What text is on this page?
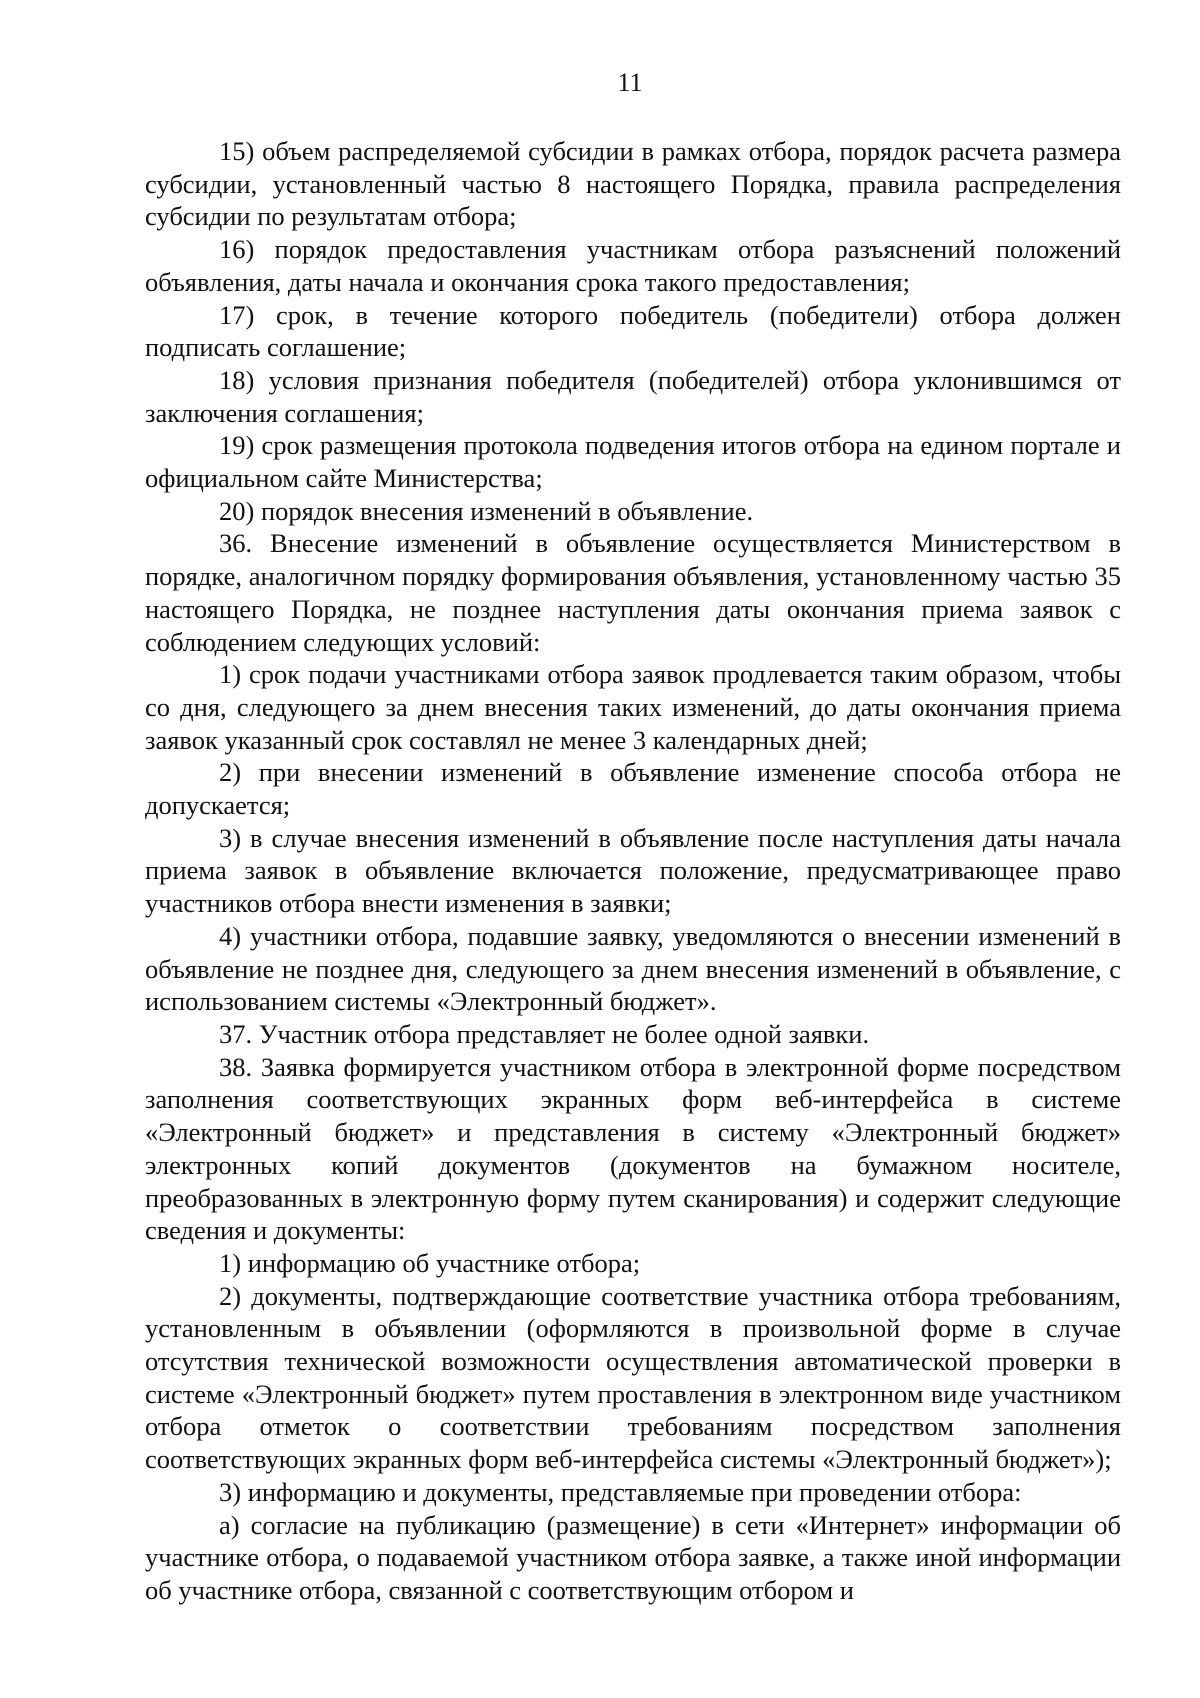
11

15) объем распределяемой субсидии в рамках отбора, порядок расчета размера субсидии, установленный частью 8 настоящего Порядка, правила распределения субсидии по результатам отбора;

16) порядок предоставления участникам отбора разъяснений положений объявления, даты начала и окончания срока такого предоставления;

17) срок, в течение которого победитель (победители) отбора должен подписать соглашение;

18) условия признания победителя (победителей) отбора уклонившимся от заключения соглашения;

19) срок размещения протокола подведения итогов отбора на едином портале и официальном сайте Министерства;

20) порядок внесения изменений в объявление.

36. Внесение изменений в объявление осуществляется Министерством в порядке, аналогичном порядку формирования объявления, установленному частью 35 настоящего Порядка, не позднее наступления даты окончания приема заявок с соблюдением следующих условий:

1) срок подачи участниками отбора заявок продлевается таким образом, чтобы со дня, следующего за днем внесения таких изменений, до даты окончания приема заявок указанный срок составлял не менее 3 календарных дней;

2) при внесении изменений в объявление изменение способа отбора не допускается;

3) в случае внесения изменений в объявление после наступления даты начала приема заявок в объявление включается положение, предусматривающее право участников отбора внести изменения в заявки;

4) участники отбора, подавшие заявку, уведомляются о внесении изменений в объявление не позднее дня, следующего за днем внесения изменений в объявление, с использованием системы «Электронный бюджет».

37. Участник отбора представляет не более одной заявки.

38. Заявка формируется участником отбора в электронной форме посредством заполнения соответствующих экранных форм веб-интерфейса в системе «Электронный бюджет» и представления в систему «Электронный бюджет» электронных копий документов (документов на бумажном носителе, преобразованных в электронную форму путем сканирования) и содержит следующие сведения и документы:

1) информацию об участнике отбора;

2) документы, подтверждающие соответствие участника отбора требованиям, установленным в объявлении (оформляются в произвольной форме в случае отсутствия технической возможности осуществления автоматической проверки в системе «Электронный бюджет» путем проставления в электронном виде участником отбора отметок о соответствии требованиям посредством заполнения соответствующих экранных форм веб-интерфейса системы «Электронный бюджет»);

3) информацию и документы, представляемые при проведении отбора:

а) согласие на публикацию (размещение) в сети «Интернет» информации об участнике отбора, о подаваемой участником отбора заявке, а также иной информации об участнике отбора, связанной с соответствующим отбором и
